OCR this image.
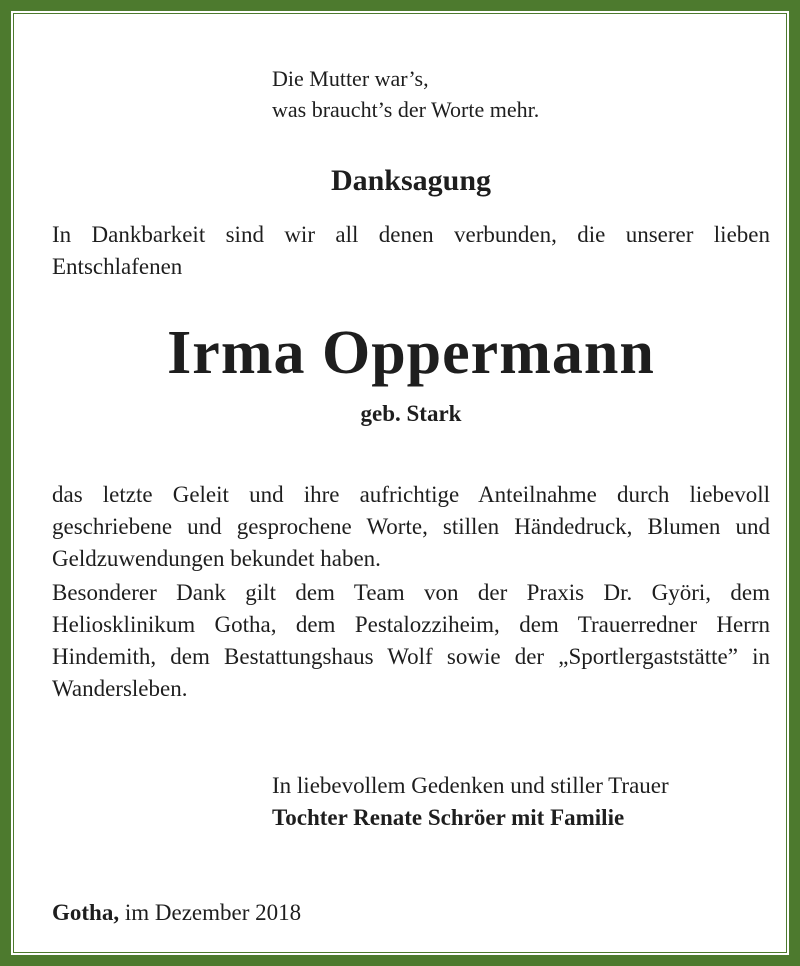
Die Mutter war’s,
was braucht’s der Worte mehr.
Danksagung
In Dankbarkeit sind wir all denen verbunden, die unserer lieben Entschlafenen
Irma Oppermann
geb. Stark
das letzte Geleit und ihre aufrichtige Anteilnahme durch liebevoll geschriebene und gesprochene Worte, stillen Händedruck, Blumen und Geldzuwendungen bekundet haben.
Besonderer Dank gilt dem Team von der Praxis Dr. Györi, dem Heliosklinikum Gotha, dem Pestalozziheim, dem Trauerredner Herrn Hindemith, dem Bestattungshaus Wolf sowie der „Sportlergaststätte” in Wandersleben.
In liebevollem Gedenken und stiller Trauer
Tochter Renate Schröer mit Familie
Gotha, im Dezember 2018
